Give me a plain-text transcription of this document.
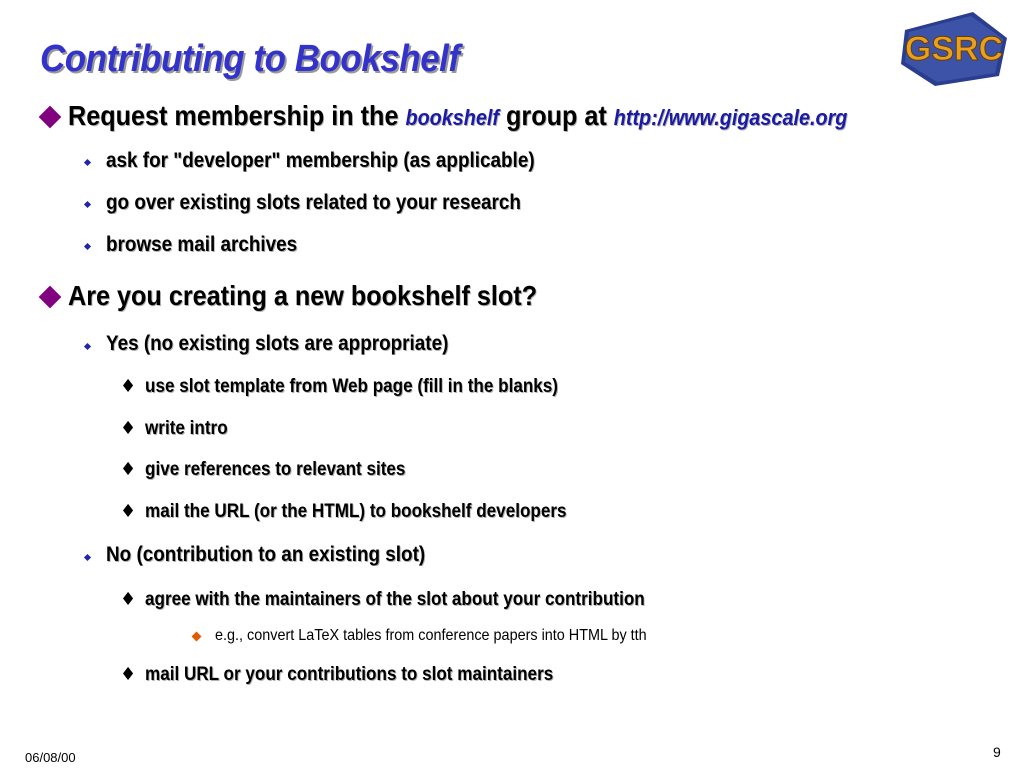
Contributing to Bookshelf	GSRC
Request membership in the bookshelf group at http://www.gigascale.org
ask for "developer" membership (as applicable)
go over existing slots related to your research
browse mail archives
Are you creating a new bookshelf slot?
Yes (no existing slots are appropriate)
♦ use slot template from Web page (fill in the blanks)
♦ write intro
♦ give references to relevant sites
♦ mail the URL (or the HTML) to bookshelf developers
No (contribution to an existing slot)
♦ agree with the maintainers of the slot about your contribution
e.g., convert LaTeX tables from conference papers into HTML by tth
♦ mail URL or your contributions to slot maintainers
06/08/00	9
